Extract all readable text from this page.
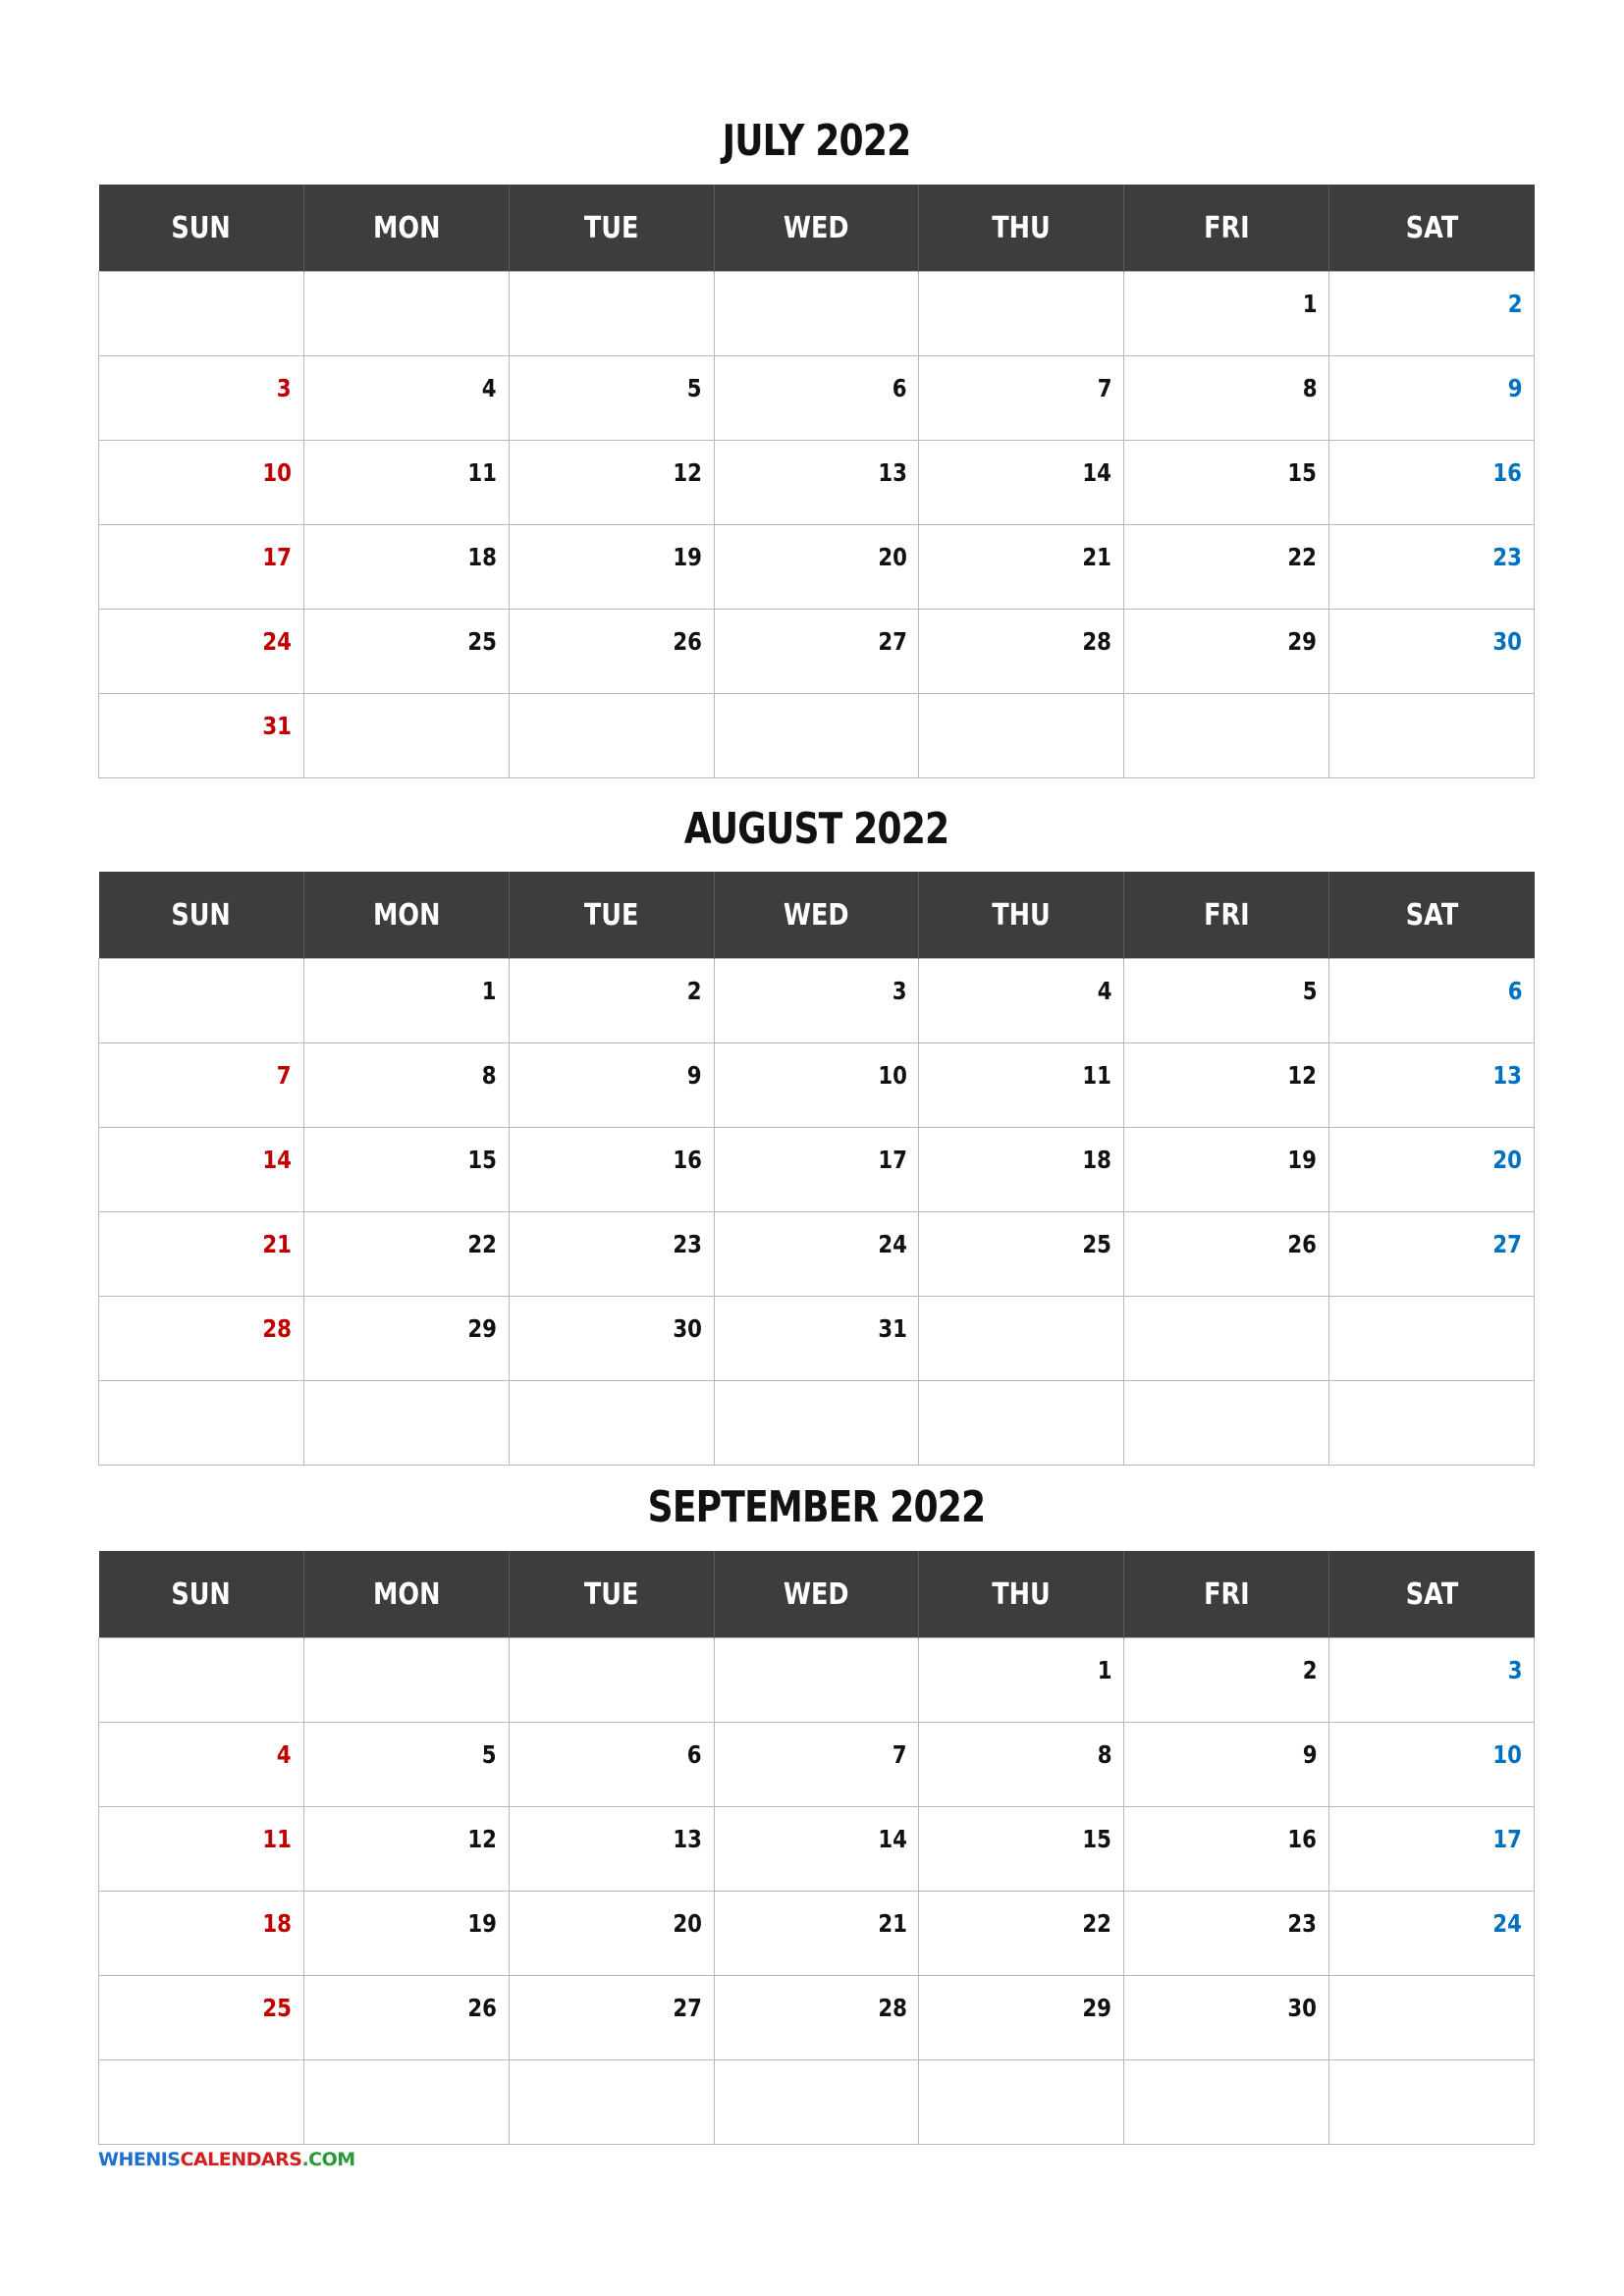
JULY 2022
SUN	MON	TUE	WED	THU	FRI	SAT
					1	2
3	4	5	6	7	8	9
10	11	12	13	14	15	16
17	18	19	20	21	22	23
24	25	26	27	28	29	30
31						
AUGUST 2022
SUN	MON	TUE	WED	THU	FRI	SAT
	1	2	3	4	5	6
7	8	9	10	11	12	13
14	15	16	17	18	19	20
21	22	23	24	25	26	27
28	29	30	31			

SEPTEMBER 2022
SUN	MON	TUE	WED	THU	FRI	SAT
				1	2	3
4	5	6	7	8	9	10
11	12	13	14	15	16	17
18	19	20	21	22	23	24
25	26	27	28	29	30	

WHENISCALENDARS.COM
